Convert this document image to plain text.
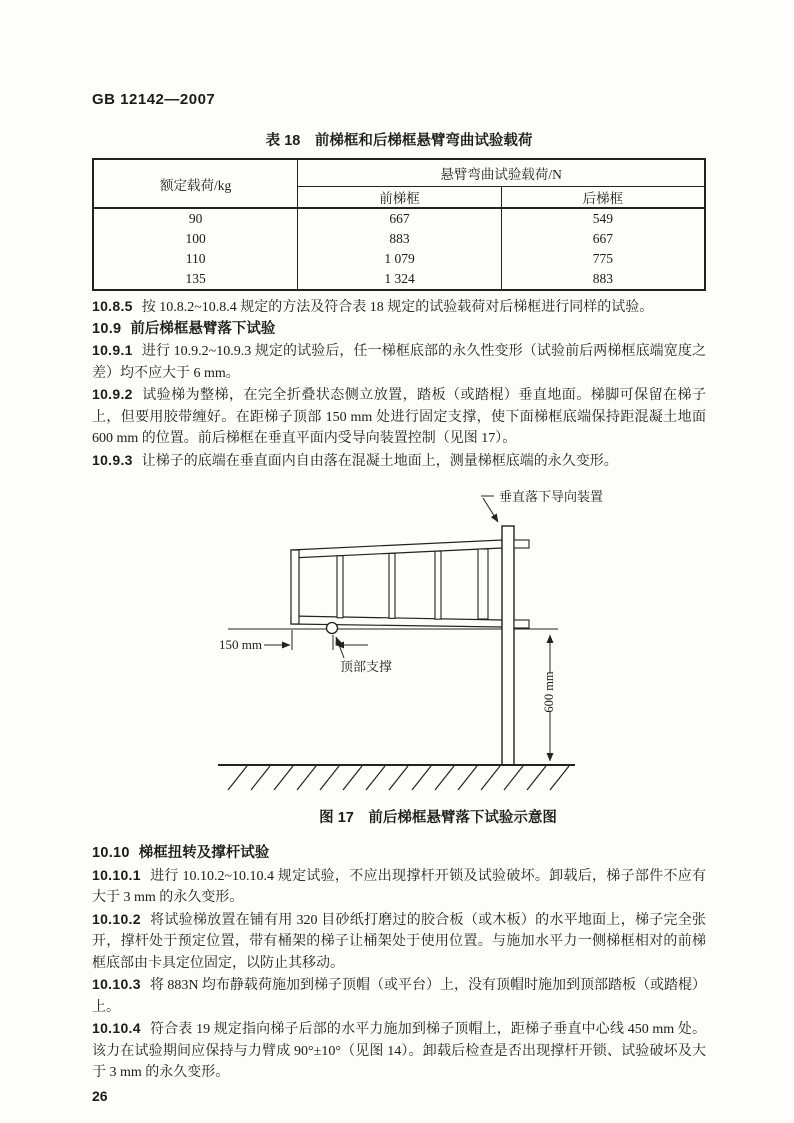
GB 12142—2007
表 18　前梯框和后梯框悬臂弯曲试验载荷
额定载荷/kg	悬臂弯曲试验载荷/N	
	前梯框	后梯框
90	667	549
100	883	667
110	1 079	775
135	1 324	883

10.8.5 按 10.8.2~10.8.4 规定的方法及符合表 18 规定的试验载荷对后梯框进行同样的试验。

10.9 前后梯框悬臂落下试验

10.9.1 进行 10.9.2~10.9.3 规定的试验后，任一梯框底部的永久性变形（试验前后两梯框底端宽度之差）均不应大于 6 mm。

10.9.2 试验梯为整梯，在完全折叠状态侧立放置，踏板（或踏棍）垂直地面。梯脚可保留在梯子上，但要用胶带缠好。在距梯子顶部 150 mm 处进行固定支撑，使下面梯框底端保持距混凝土地面 600 mm 的位置。前后梯框在垂直平面内受导向装置控制（见图 17）。

10.9.3 让梯子的底端在垂直面内自由落在混凝土地面上，测量梯框底端的永久变形。

垂直落下导向装置
150 mm
顶部支撑
600 mm
图 17　前后梯框悬臂落下试验示意图

10.10 梯框扭转及撑杆试验

10.10.1 进行 10.10.2~10.10.4 规定试验，不应出现撑杆开锁及试验破坏。卸载后，梯子部件不应有大于 3 mm 的永久变形。

10.10.2 将试验梯放置在铺有用 320 目砂纸打磨过的胶合板（或木板）的水平地面上，梯子完全张开，撑杆处于预定位置，带有桶架的梯子让桶架处于使用位置。与施加水平力一侧梯框相对的前梯框底部由卡具定位固定，以防止其移动。

10.10.3 将 883N 均布静载荷施加到梯子顶帽（或平台）上，没有顶帽时施加到顶部踏板（或踏棍）上。

10.10.4 符合表 19 规定指向梯子后部的水平力施加到梯子顶帽上，距梯子垂直中心线 450 mm 处。该力在试验期间应保持与力臂成 90°±10°（见图 14）。卸载后检查是否出现撑杆开锁、试验破坏及大于 3 mm 的永久变形。

26
